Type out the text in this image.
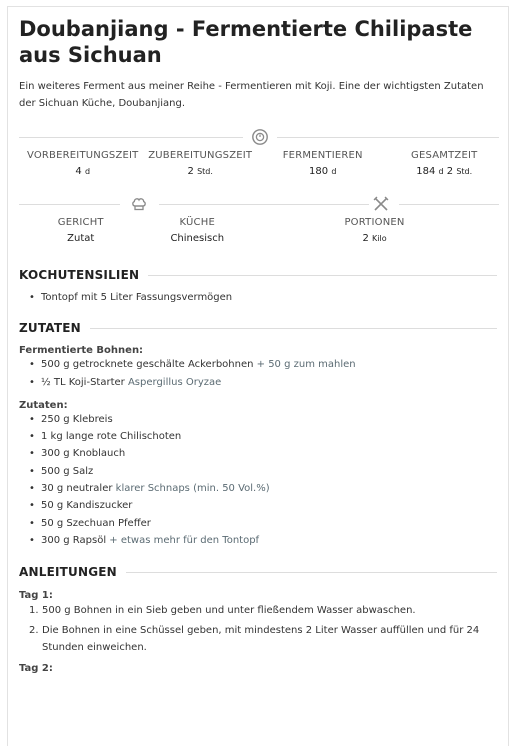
Doubanjiang - Fermentierte Chilipaste aus Sichuan
Ein weiteres Ferment aus meiner Reihe - Fermentieren mit Koji. Eine der wichtigsten Zutaten der Sichuan Küche, Doubanjiang.
VORBEREITUNGSZEIT
4 d
ZUBEREITUNGSZEIT
2 Std.
FERMENTIEREN
180 d
GESAMTZEIT
184 d 2 Std.
GERICHT
Zutat
KÜCHE
Chinesisch
PORTIONEN
2 Kilo
KOCHUTENSILIEN
• Tontopf mit 5 Liter Fassungsvermögen
ZUTATEN
Fermentierte Bohnen:
• 500 g getrocknete geschälte Ackerbohnen + 50 g zum mahlen
• ½ TL Koji-Starter Aspergillus Oryzae
Zutaten:
• 250 g Klebreis
• 1 kg lange rote Chilischoten
• 300 g Knoblauch
• 500 g Salz
• 30 g neutraler klarer Schnaps (min. 50 Vol.%)
• 50 g Kandiszucker
• 50 g Szechuan Pfeffer
• 300 g Rapsöl + etwas mehr für den Tontopf
ANLEITUNGEN
Tag 1:
1. 500 g Bohnen in ein Sieb geben und unter fließendem Wasser abwaschen.
2. Die Bohnen in eine Schüssel geben, mit mindestens 2 Liter Wasser auffüllen und für 24 Stunden einweichen.
Tag 2:
